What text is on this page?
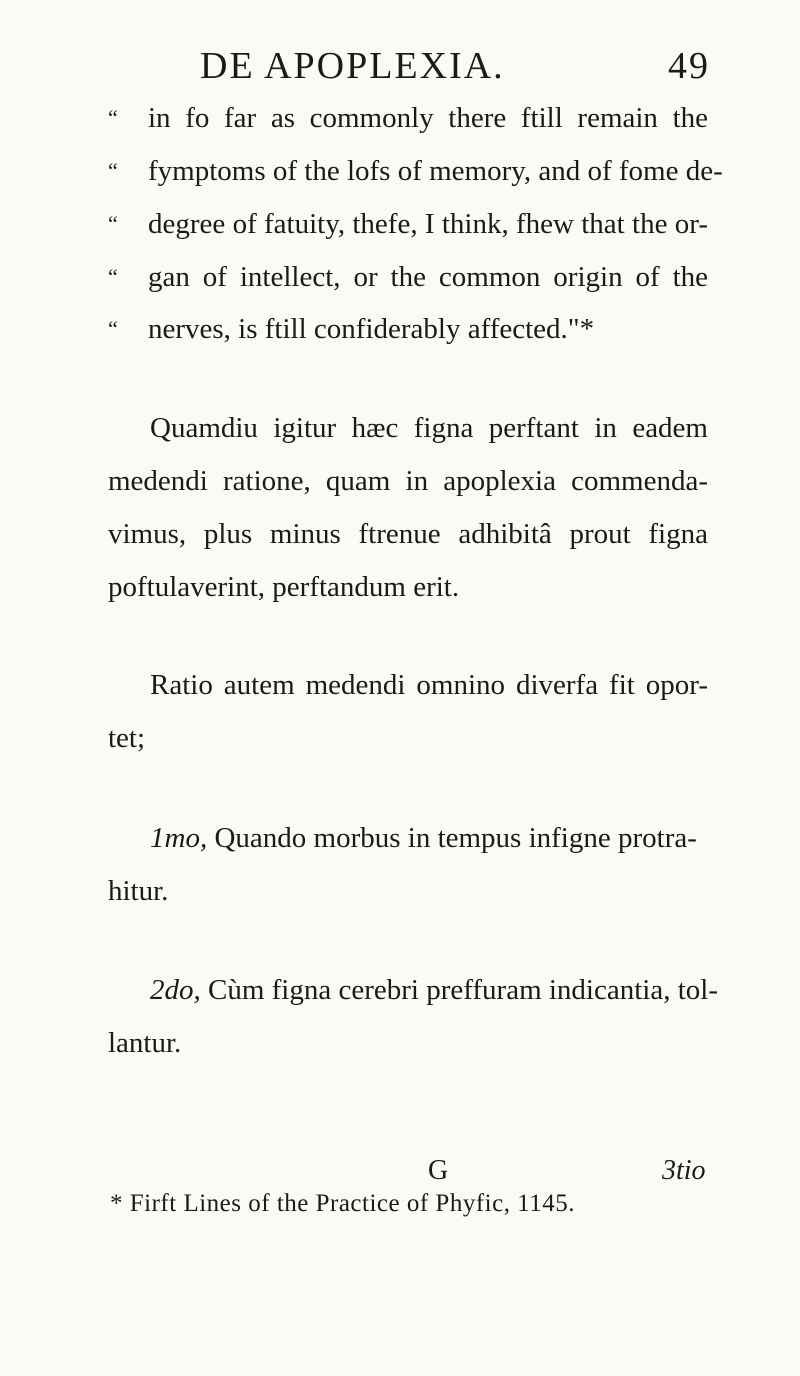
DE APOPLEXIA.	49
“ in fo far as commonly there ftill remain the
“ fymptoms of the lofs of memory, and of fome de-
“ degree of fatuity, thefe, I think, fhew that the or-
“ gan of intellect, or the common origin of the
“ nerves, is ftill confiderably affected."*
Quamdiu igitur hæc figna perftant in eadem
medendi ratione, quam in apoplexia commenda-
vimus, plus minus ftrenue adhibitâ prout figna
poftulaverint, perftandum erit.
Ratio autem medendi omnino diverfa fit opor-
tet;
1mo, Quando morbus in tempus infigne protra-
hitur.
2do, Cùm figna cerebri preffuram indicantia, tol-
lantur.
G	3tio
* Firft Lines of the Practice of Phyfic, 1145.
